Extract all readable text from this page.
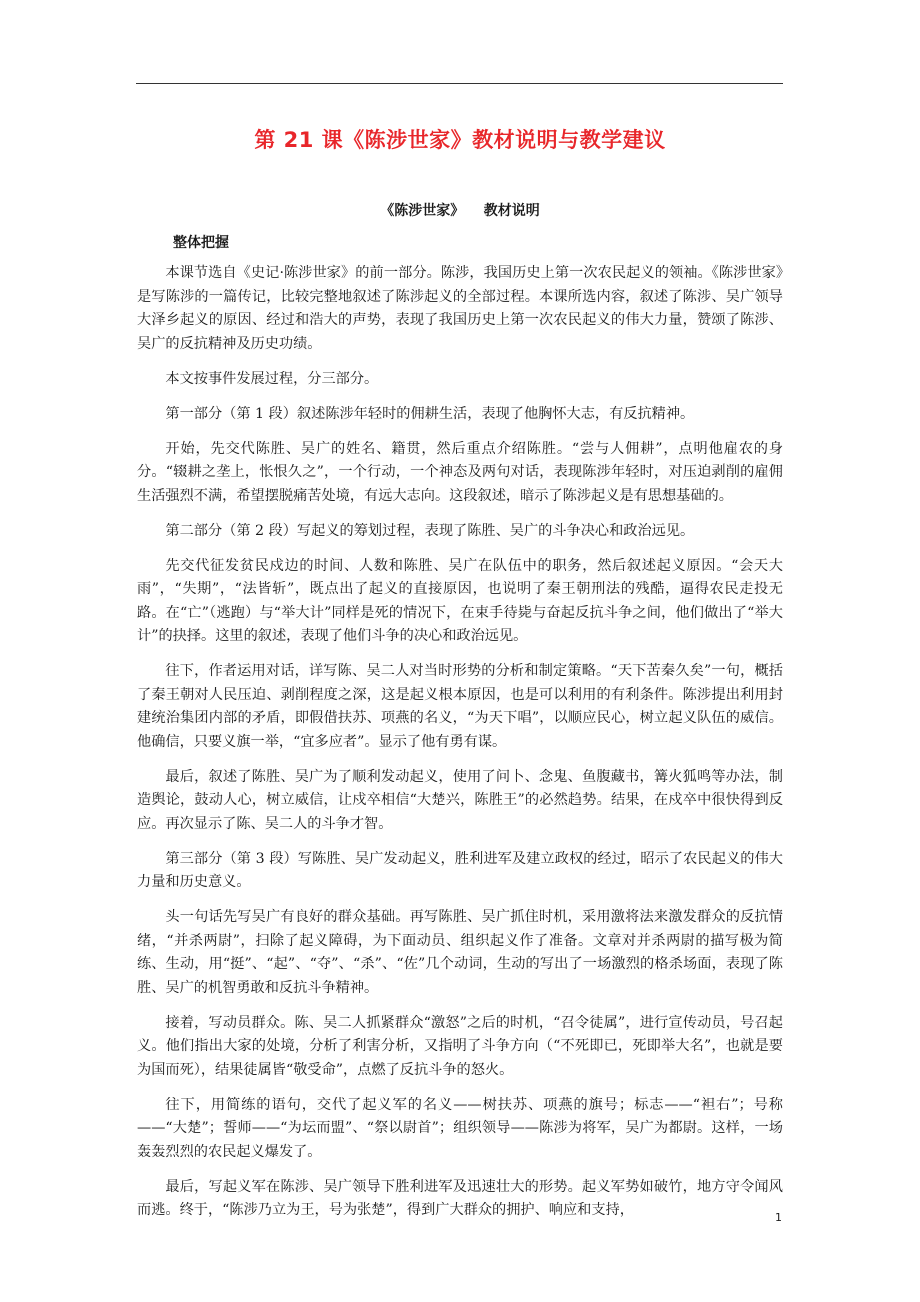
第 21 课《陈涉世家》教材说明与教学建议
《陈涉世家》    教材说明
整体把握

本课节选自《史记·陈涉世家》的前一部分。陈涉，我国历史上第一次农民起义的领袖。《陈涉世家》是写陈涉的一篇传记，比较完整地叙述了陈涉起义的全部过程。本课所选内容，叙述了陈涉、吴广领导大泽乡起义的原因、经过和浩大的声势，表现了我国历史上第一次农民起义的伟大力量，赞颂了陈涉、吴广的反抗精神及历史功绩。

本文按事件发展过程，分三部分。

第一部分（第 1 段）叙述陈涉年轻时的佣耕生活，表现了他胸怀大志，有反抗精神。

开始，先交代陈胜、吴广的姓名、籍贯，然后重点介绍陈胜。“尝与人佣耕”，点明他雇农的身分。“辍耕之垄上，怅恨久之”，一个行动，一个神态及两句对话，表现陈涉年轻时，对压迫剥削的雇佣生活强烈不满，希望摆脱痛苦处境，有远大志向。这段叙述，暗示了陈涉起义是有思想基础的。

第二部分（第 2 段）写起义的筹划过程，表现了陈胜、吴广的斗争决心和政治远见。

先交代征发贫民戍边的时间、人数和陈胜、吴广在队伍中的职务，然后叙述起义原因。“会天大雨”，“失期”，“法皆斩”，既点出了起义的直接原因，也说明了秦王朝刑法的残酷，逼得农民走投无路。在“亡”（逃跑）与“举大计”同样是死的情况下，在束手待毙与奋起反抗斗争之间，他们做出了“举大计”的抉择。这里的叙述，表现了他们斗争的决心和政治远见。

往下，作者运用对话，详写陈、吴二人对当时形势的分析和制定策略。“天下苦秦久矣”一句，概括了秦王朝对人民压迫、剥削程度之深，这是起义根本原因，也是可以利用的有利条件。陈涉提出利用封建统治集团内部的矛盾，即假借扶苏、项燕的名义，“为天下唱”，以顺应民心，树立起义队伍的威信。他确信，只要义旗一举，“宜多应者”。显示了他有勇有谋。

最后，叙述了陈胜、吴广为了顺利发动起义，使用了问卜、念鬼、鱼腹藏书，篝火狐鸣等办法，制造舆论，鼓动人心，树立威信，让戍卒相信“大楚兴，陈胜王”的必然趋势。结果，在戍卒中很快得到反应。再次显示了陈、吴二人的斗争才智。

第三部分（第 3 段）写陈胜、吴广发动起义，胜利进军及建立政权的经过，昭示了农民起义的伟大力量和历史意义。

头一句话先写吴广有良好的群众基础。再写陈胜、吴广抓住时机，采用激将法来激发群众的反抗情绪，“并杀两尉”，扫除了起义障碍，为下面动员、组织起义作了准备。文章对并杀两尉的描写极为简练、生动，用“挺”、“起”、“夺”、“杀”、“佐”几个动词，生动的写出了一场激烈的格杀场面，表现了陈胜、吴广的机智勇敢和反抗斗争精神。

接着，写动员群众。陈、吴二人抓紧群众“激怒”之后的时机，“召令徒属”，进行宣传动员，号召起义。他们指出大家的处境，分析了利害分析，又指明了斗争方向（“不死即已，死即举大名”，也就是要为国而死），结果徒属皆“敬受命”，点燃了反抗斗争的怒火。

往下，用简练的语句，交代了起义军的名义——树扶苏、项燕的旗号；标志——“袒右”；号称——“大楚”；誓师——“为坛而盟”、“祭以尉首”；组织领导——陈涉为将军，吴广为都尉。这样，一场轰轰烈烈的农民起义爆发了。

最后，写起义军在陈涉、吴广领导下胜利进军及迅速壮大的形势。起义军势如破竹，地方守令闻风而逃。终于，“陈涉乃立为王，号为张楚”，得到广大群众的拥护、响应和支持，	1
